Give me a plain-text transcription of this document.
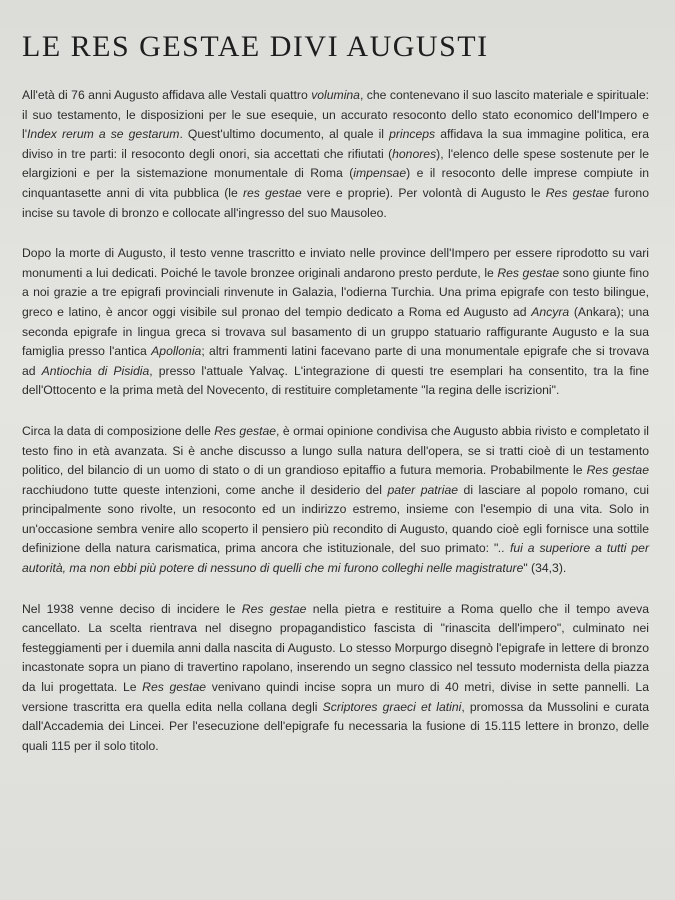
LE RES GESTAE DIVI AUGUSTI

All'età di 76 anni Augusto affidava alle Vestali quattro volumina, che contenevano il suo lascito materiale e spirituale: il suo testamento, le disposizioni per le sue esequie, un accurato resoconto dello stato economico dell'Impero e l'Index rerum a se gestarum. Quest'ultimo documento, al quale il princeps affidava la sua immagine politica, era diviso in tre parti: il resoconto degli onori, sia accettati che rifiutati (honores), l'elenco delle spese sostenute per le elargizioni e per la sistemazione monumentale di Roma (impensae) e il resoconto delle imprese compiute in cinquantasette anni di vita pubblica (le res gestae vere e proprie). Per volontà di Augusto le Res gestae furono incise su tavole di bronzo e collocate all'ingresso del suo Mausoleo.

Dopo la morte di Augusto, il testo venne trascritto e inviato nelle province dell'Impero per essere riprodotto su vari monumenti a lui dedicati. Poiché le tavole bronzee originali andarono presto perdute, le Res gestae sono giunte fino a noi grazie a tre epigrafi provinciali rinvenute in Galazia, l'odierna Turchia. Una prima epigrafe con testo bilingue, greco e latino, è ancor oggi visibile sul pronao del tempio dedicato a Roma ed Augusto ad Ancyra (Ankara); una seconda epigrafe in lingua greca si trovava sul basamento di un gruppo statuario raffigurante Augusto e la sua famiglia presso l'antica Apollonia; altri frammenti latini facevano parte di una monumentale epigrafe che si trovava ad Antiochia di Pisidia, presso l'attuale Yalvaç. L'integrazione di questi tre esemplari ha consentito, tra la fine dell'Ottocento e la prima metà del Novecento, di restituire completamente "la regina delle iscrizioni".

Circa la data di composizione delle Res gestae, è ormai opinione condivisa che Augusto abbia rivisto e completato il testo fino in età avanzata. Si è anche discusso a lungo sulla natura dell'opera, se si tratti cioè di un testamento politico, del bilancio di un uomo di stato o di un grandioso epitaffio a futura memoria. Probabilmente le Res gestae racchiudono tutte queste intenzioni, come anche il desiderio del pater patriae di lasciare al popolo romano, cui principalmente sono rivolte, un resoconto ed un indirizzo estremo, insieme con l'esempio di una vita. Solo in un'occasione sembra venire allo scoperto il pensiero più recondito di Augusto, quando cioè egli fornisce una sottile definizione della natura carismatica, prima ancora che istituzionale, del suo primato: ".. fui a superiore a tutti per autorità, ma non ebbi più potere di nessuno di quelli che mi furono colleghi nelle magistrature" (34,3).

Nel 1938 venne deciso di incidere le Res gestae nella pietra e restituire a Roma quello che il tempo aveva cancellato. La scelta rientrava nel disegno propagandistico fascista di "rinascita dell'impero", culminato nei festeggiamenti per i duemila anni dalla nascita di Augusto. Lo stesso Morpurgo disegnò l'epigrafe in lettere di bronzo incastonate sopra un piano di travertino rapolano, inserendo un segno classico nel tessuto modernista della piazza da lui progettata. Le Res gestae venivano quindi incise sopra un muro di 40 metri, divise in sette pannelli. La versione trascritta era quella edita nella collana degli Scriptores graeci et latini, promossa da Mussolini e curata dall'Accademia dei Lincei. Per l'esecuzione dell'epigrafe fu necessaria la fusione di 15.115 lettere in bronzo, delle quali 115 per il solo titolo.
